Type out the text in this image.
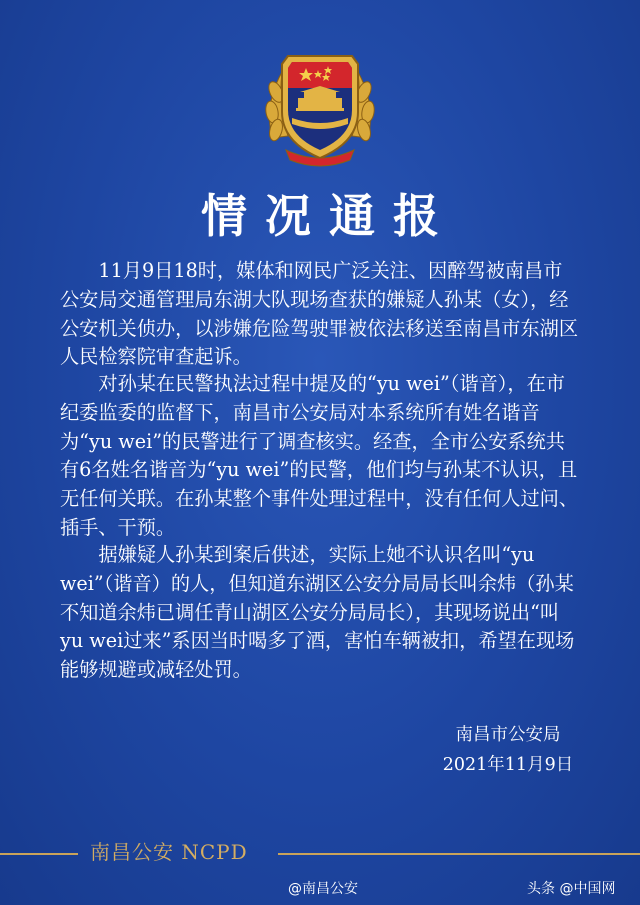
情况通报

11月9日18时，媒体和网民广泛关注、因醉驾被南昌市公安局交通管理局东湖大队现场查获的嫌疑人孙某（女），经公安机关侦办，以涉嫌危险驾驶罪被依法移送至南昌市东湖区人民检察院审查起诉。

对孙某在民警执法过程中提及的“yu wei”（谐音），在市纪委监委的监督下，南昌市公安局对本系统所有姓名谐音为“yu wei”的民警进行了调查核实。经查，全市公安系统共有6名姓名谐音为“yu wei”的民警，他们均与孙某不认识，且无任何关联。在孙某整个事件处理过程中，没有任何人过问、插手、干预。

据嫌疑人孙某到案后供述，实际上她不认识名叫“yu wei”（谐音）的人，但知道东湖区公安分局局长叫余炜（孙某不知道余炜已调任青山湖区公安分局局长），其现场说出“叫yu wei过来”系因当时喝多了酒，害怕车辆被扣，希望在现场能够规避或减轻处罚。

南昌市公安局
2021年11月9日
南昌公安 NCPD
@南昌公安	头条 @中国网
